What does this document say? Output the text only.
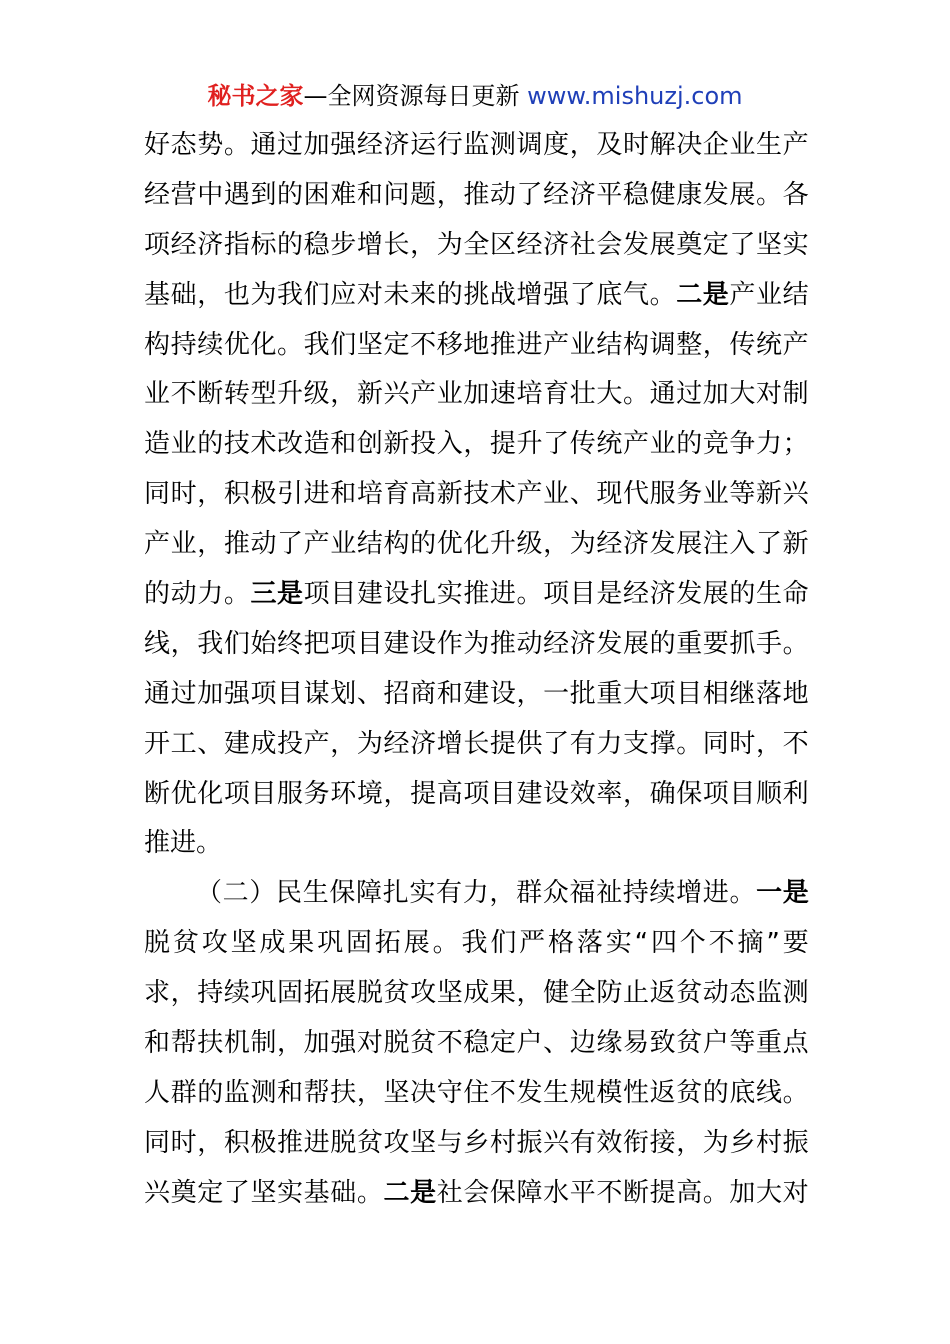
秘书之家—全网资源每日更新 www.mishuzj.com
好 态 势 。 通 过 加 强 经 济 运 行 监 测 调 度 ， 及 时 解 决 企 业 生 产
经 营 中 遇 到 的 困 难 和 问 题 ， 推 动 了 经 济 平 稳 健 康 发 展 。 各
项 经 济 指 标 的 稳 步 增 长 ， 为 全 区 经 济 社 会 发 展 奠 定 了 坚 实
基 础 ， 也 为 我 们 应 对 未 来 的 挑 战 增 强 了 底 气 。 二 是 产 业 结
构 持 续 优 化 。 我 们 坚 定 不 移 地 推 进 产 业 结 构 调 整 ， 传 统 产
业 不 断 转 型 升 级 ， 新 兴 产 业 加 速 培 育 壮 大 。 通 过 加 大 对 制
造 业 的 技 术 改 造 和 创 新 投 入 ， 提 升 了 传 统 产 业 的 竞 争 力 ；
同 时 ， 积 极 引 进 和 培 育 高 新 技 术 产 业 、 现 代 服 务 业 等 新 兴
产 业 ， 推 动 了 产 业 结 构 的 优 化 升 级 ， 为 经 济 发 展 注 入 了 新
的 动 力 。 三 是 项 目 建 设 扎 实 推 进 。 项 目 是 经 济 发 展 的 生 命
线 ， 我 们 始 终 把 项 目 建 设 作 为 推 动 经 济 发 展 的 重 要 抓 手 。
通 过 加 强 项 目 谋 划 、 招 商 和 建 设 ， 一 批 重 大 项 目 相 继 落 地
开 工 、 建 成 投 产 ， 为 经 济 增 长 提 供 了 有 力 支 撑 。 同 时 ， 不
断 优 化 项 目 服 务 环 境 ， 提 高 项 目 建 设 效 率 ， 确 保 项 目 顺 利
推 进 。
（ 二 ） 民 生 保 障 扎 实 有 力 ， 群 众 福 祉 持 续 增 进 。 一 是
脱 贫 攻 坚 成 果 巩 固 拓 展 。 我 们 严 格 落 实 “ 四 个 不 摘 ” 要
求 ， 持 续 巩 固 拓 展 脱 贫 攻 坚 成 果 ， 健 全 防 止 返 贫 动 态 监 测
和 帮 扶 机 制 ， 加 强 对 脱 贫 不 稳 定 户 、 边 缘 易 致 贫 户 等 重 点
人 群 的 监 测 和 帮 扶 ， 坚 决 守 住 不 发 生 规 模 性 返 贫 的 底 线 。
同 时 ， 积 极 推 进 脱 贫 攻 坚 与 乡 村 振 兴 有 效 衔 接 ， 为 乡 村 振
兴 奠 定 了 坚 实 基 础 。 二 是 社 会 保 障 水 平 不 断 提 高 。 加 大 对
